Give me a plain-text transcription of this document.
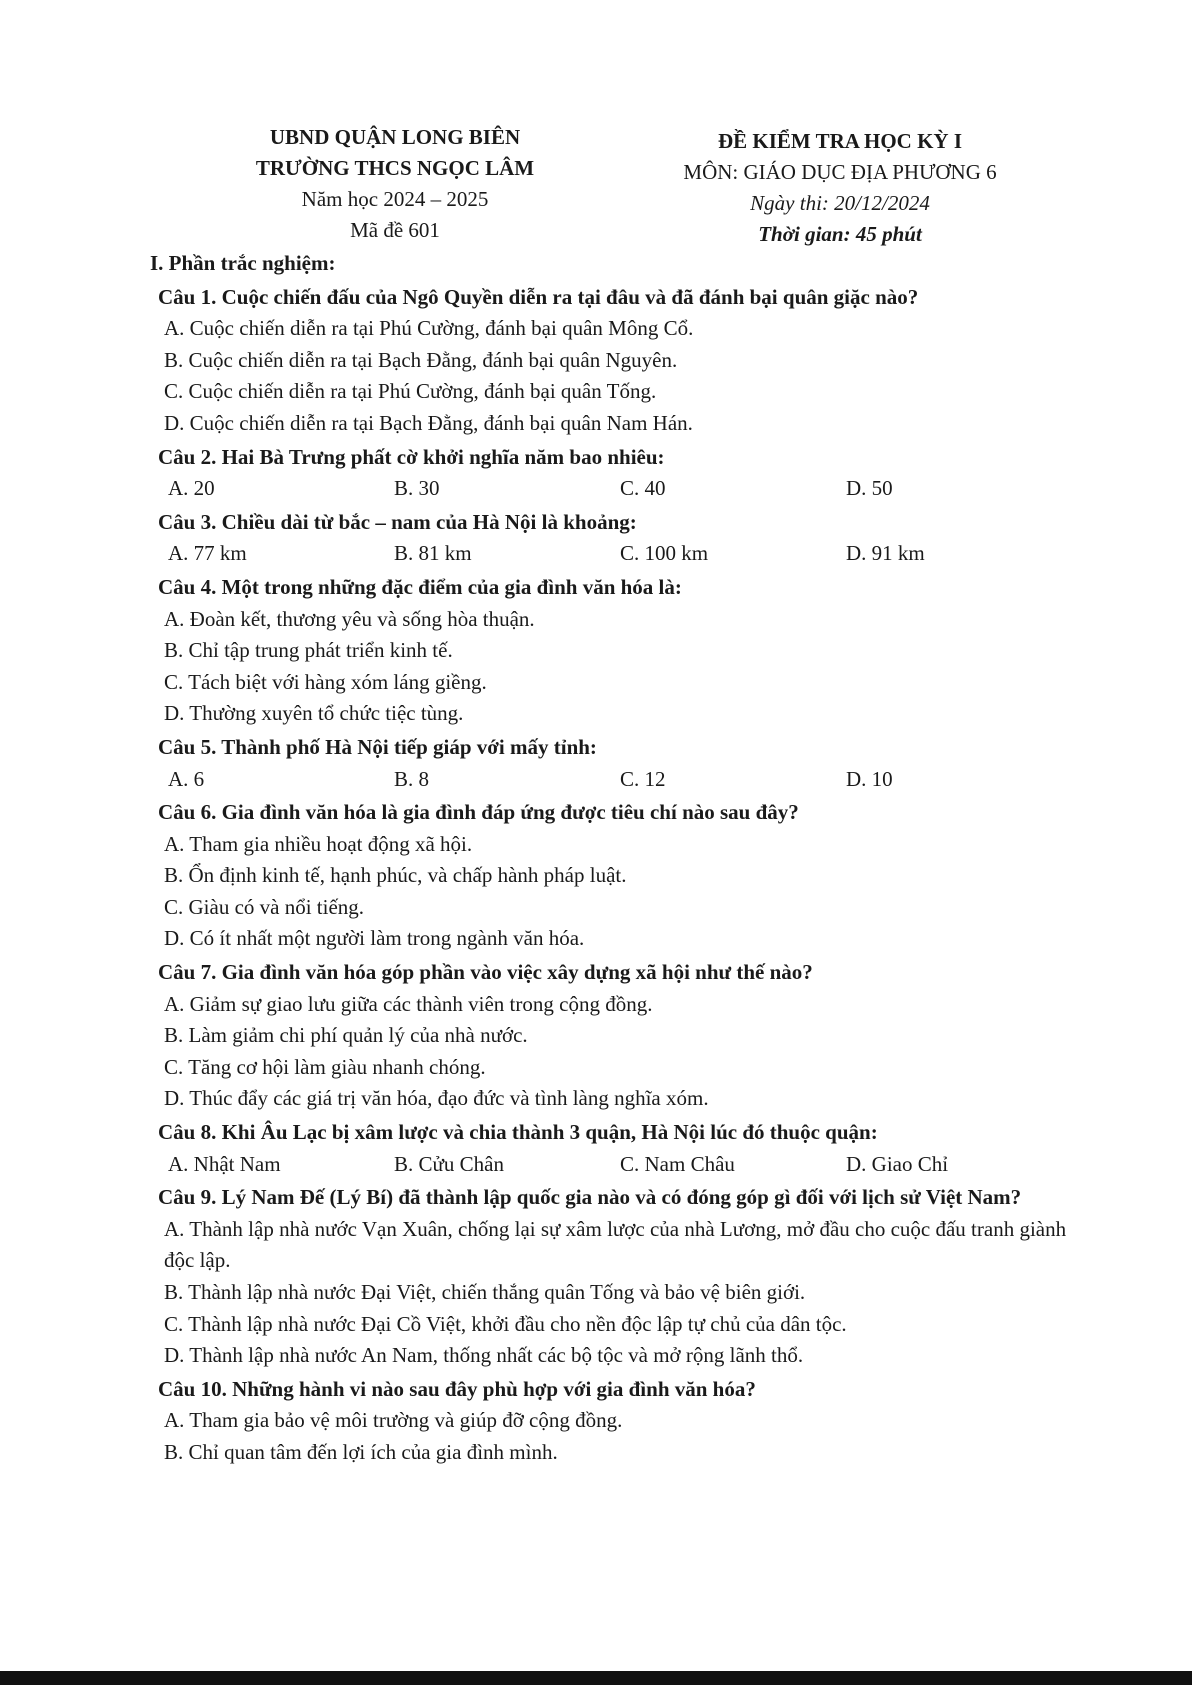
UBND QUẬN LONG BIÊN
TRƯỜNG THCS NGỌC LÂM
Năm học 2024 – 2025
Mã đề 601
ĐỀ KIỂM TRA HỌC KỲ I
MÔN: GIÁO DỤC ĐỊA PHƯƠNG 6
Ngày thi: 20/12/2024
Thời gian: 45 phút

I. Phần trắc nghiệm:

Câu 1. Cuộc chiến đấu của Ngô Quyền diễn ra tại đâu và đã đánh bại quân giặc nào?
A. Cuộc chiến diễn ra tại Phú Cường, đánh bại quân Mông Cổ.
B. Cuộc chiến diễn ra tại Bạch Đằng, đánh bại quân Nguyên.
C. Cuộc chiến diễn ra tại Phú Cường, đánh bại quân Tống.
D. Cuộc chiến diễn ra tại Bạch Đằng, đánh bại quân Nam Hán.
Câu 2. Hai Bà Trưng phất cờ khởi nghĩa năm bao nhiêu:
A. 20	B. 30	C. 40	D. 50
Câu 3. Chiều dài từ bắc – nam của Hà Nội là khoảng:
A. 77 km	B. 81 km	C. 100 km	D. 91 km
Câu 4. Một trong những đặc điểm của gia đình văn hóa là:
A. Đoàn kết, thương yêu và sống hòa thuận.
B. Chỉ tập trung phát triển kinh tế.
C. Tách biệt với hàng xóm láng giềng.
D. Thường xuyên tổ chức tiệc tùng.
Câu 5. Thành phố Hà Nội tiếp giáp với mấy tỉnh:
A. 6	B. 8	C. 12	D. 10
Câu 6. Gia đình văn hóa là gia đình đáp ứng được tiêu chí nào sau đây?
A. Tham gia nhiều hoạt động xã hội.
B. Ổn định kinh tế, hạnh phúc, và chấp hành pháp luật.
C. Giàu có và nổi tiếng.
D. Có ít nhất một người làm trong ngành văn hóa.
Câu 7. Gia đình văn hóa góp phần vào việc xây dựng xã hội như thế nào?
A. Giảm sự giao lưu giữa các thành viên trong cộng đồng.
B. Làm giảm chi phí quản lý của nhà nước.
C. Tăng cơ hội làm giàu nhanh chóng.
D. Thúc đẩy các giá trị văn hóa, đạo đức và tình làng nghĩa xóm.
Câu 8. Khi Âu Lạc bị xâm lược và chia thành 3 quận, Hà Nội lúc đó thuộc quận:
A. Nhật Nam	B. Cửu Chân	C. Nam Châu	D. Giao Chỉ
Câu 9. Lý Nam Đế (Lý Bí) đã thành lập quốc gia nào và có đóng góp gì đối với lịch sử Việt Nam?
A. Thành lập nhà nước Vạn Xuân, chống lại sự xâm lược của nhà Lương, mở đầu cho cuộc đấu tranh giành độc lập.
B. Thành lập nhà nước Đại Việt, chiến thắng quân Tống và bảo vệ biên giới.
C. Thành lập nhà nước Đại Cồ Việt, khởi đầu cho nền độc lập tự chủ của dân tộc.
D. Thành lập nhà nước An Nam, thống nhất các bộ tộc và mở rộng lãnh thổ.
Câu 10. Những hành vi nào sau đây phù hợp với gia đình văn hóa?
A. Tham gia bảo vệ môi trường và giúp đỡ cộng đồng.
B. Chỉ quan tâm đến lợi ích của gia đình mình.
